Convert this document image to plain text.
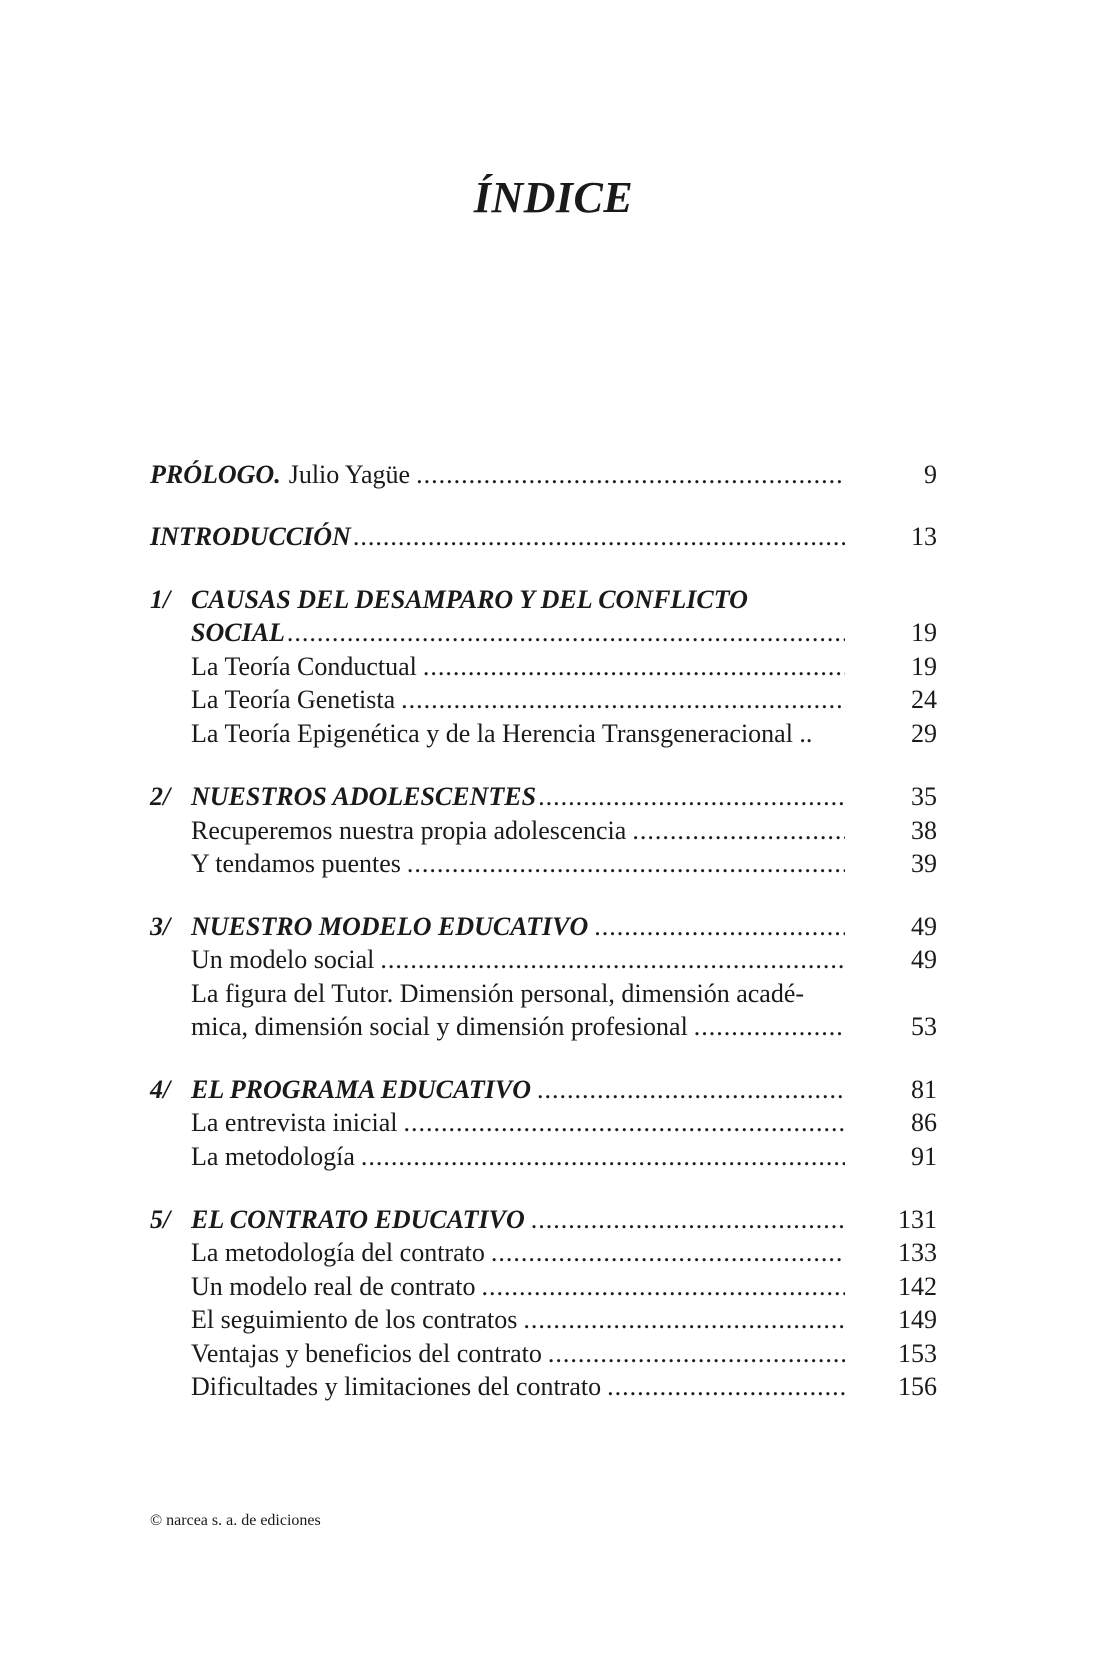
ÍNDICE
PRÓLOGO. Julio Yagüe .....	9
INTRODUCCIÓN .....	13
1/ CAUSAS DEL DESAMPARO Y DEL CONFLICTO
SOCIAL .....	19
La Teoría Conductual .....	19
La Teoría Genetista .....	24
La Teoría Epigenética y de la Herencia Transgeneracional ..	29
2/ NUESTROS ADOLESCENTES .....	35
Recuperemos nuestra propia adolescencia .....	38
Y tendamos puentes .....	39
3/ NUESTRO MODELO EDUCATIVO .....	49
Un modelo social .....	49
La figura del Tutor. Dimensión personal, dimensión acadé-
mica, dimensión social y dimensión profesional .....	53
4/ EL PROGRAMA EDUCATIVO .....	81
La entrevista inicial .....	86
La metodología .....	91
5/ EL CONTRATO EDUCATIVO .....	131
La metodología del contrato .....	133
Un modelo real de contrato .....	142
El seguimiento de los contratos .....	149
Ventajas y beneficios del contrato .....	153
Dificultades y limitaciones del contrato .....	156
© narcea s. a. de ediciones
